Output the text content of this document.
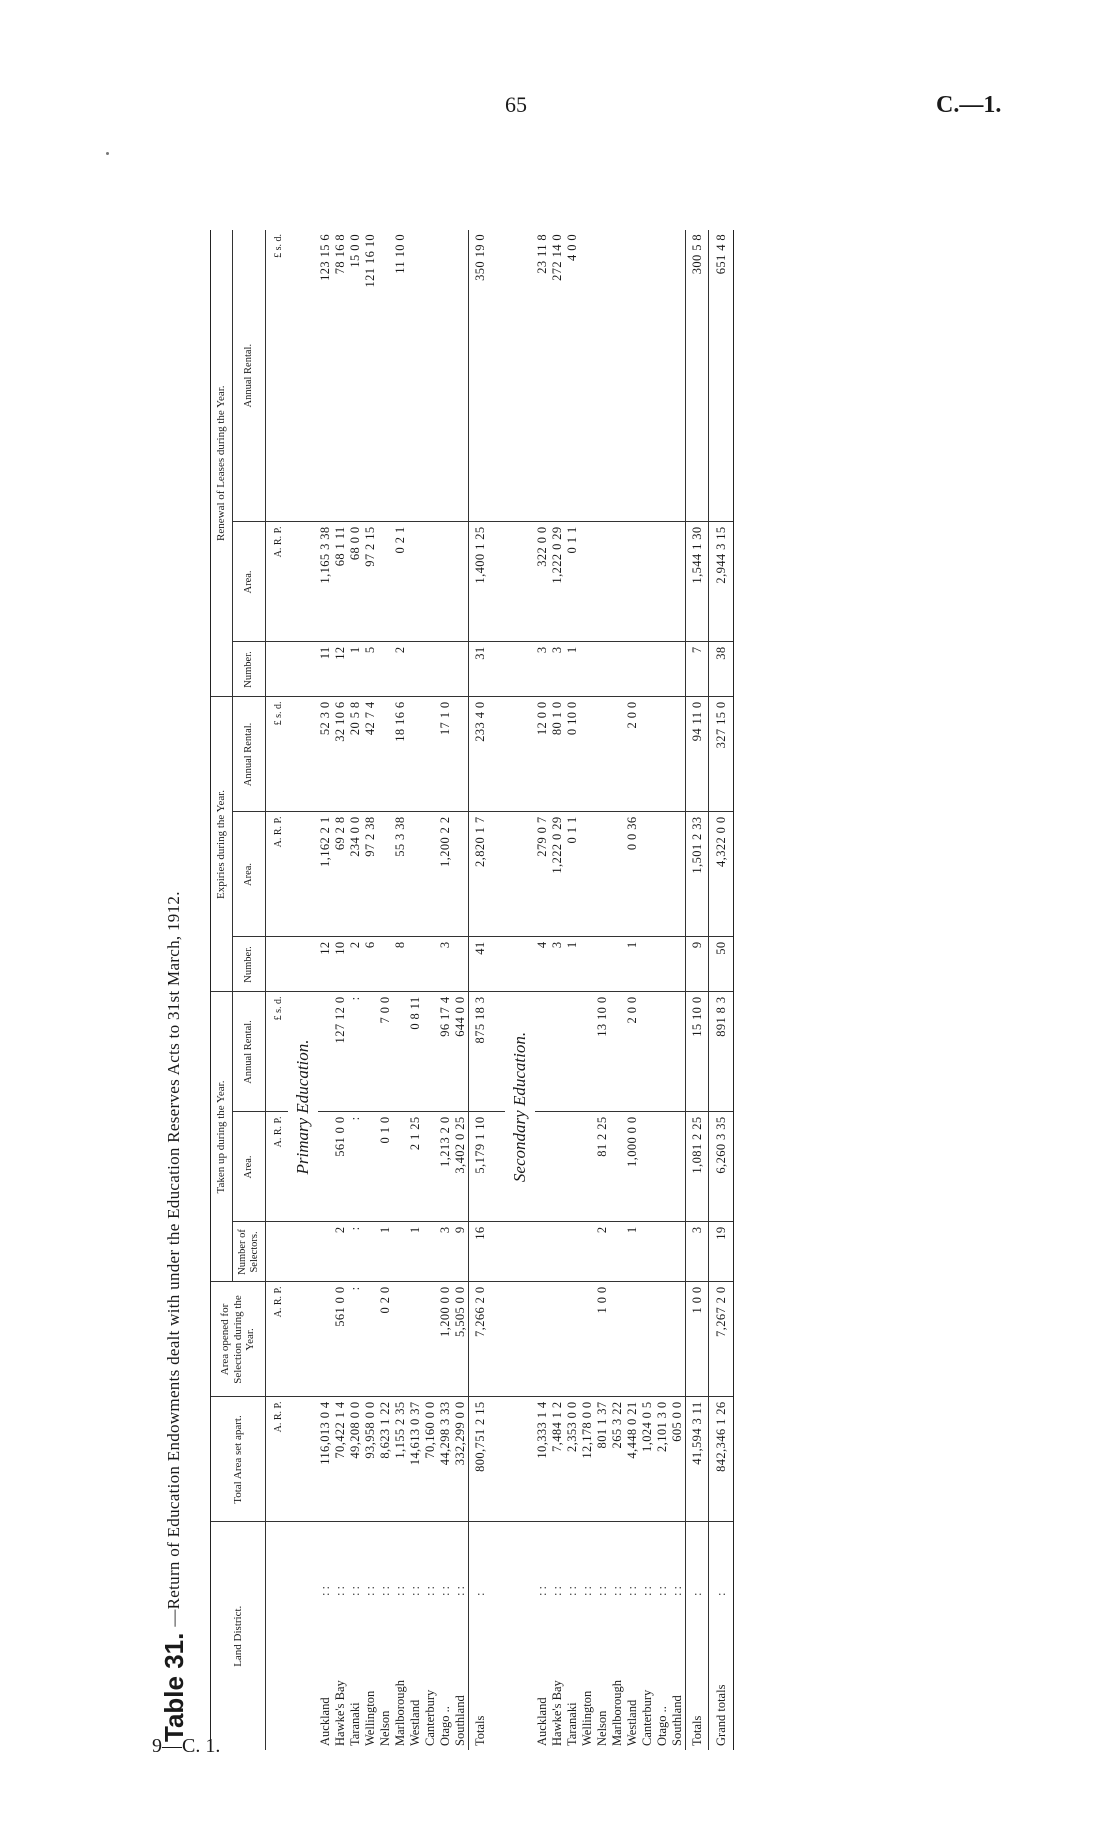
65	C.—1.
Table 31.
—Return of Education Endowments dealt with under the Education Reserves Acts to 31st March, 1912.
Land District.		Total Area set apart.	Area opened for Selection during the Year.	Taken up during the Year.			Expiries during the Year.			Renewal of Leases during the Year.		
				Number of Selectors.	Area.	Annual Rental.	Number.	Area.	Annual Rental.	Number.	Area.	Annual Rental.
		A. R. P.	A. R. P.		A. R. P.	£ s. d.		A. R. P.	£ s. d.		A. R. P.	£ s. d.
					Primary Education.							
Auckland	::	116,013 0 4					12	1,162 2 1	52 3 0	11	1,165 3 38	123 15 6
Hawke's Bay	::	70,422 1 4	561 0 0	2	561 0 0	127 12 0	10	69 2 8	32 10 6	12	68 1 11	78 16 8
Taranaki	::	49,208 0 0	:	:	:	:	2	234 0 0	20 5 8	1	68 0 0	15 0 0
Wellington	::	93,958 0 0					6	97 2 38	42 7 4	5	97 2 15	121 16 10
Nelson	::	8,623 1 22	0 2 0	1	0 1 0	7 0 0						
Marlborough	::	1,155 2 35					8	55 3 38	18 16 6	2	0 2 1	11 10 0
Westland	::	14,613 0 37		1	2 1 25	0 8 11						
Canterbury	::	70,160 0 0										
Otago ..	::	44,298 3 33	1,200 0 0	3	1,213 2 0	96 17 4	3	1,200 2 2	17 1 0			
Southland	::	332,299 0 0	5,505 0 0	9	3,402 0 25	644 0 0						
Totals	:	800,751 2 15	7,266 2 0	16	5,179 1 10	875 18 3	41	2,820 1 7	233 4 0	31	1,400 1 25	350 19 0

					Secondary Education.							
Auckland	::	10,333 1 4					4	279 0 7	12 0 0	3	322 0 0	23 11 8
Hawke's Bay	::	7,484 1 2					3	1,222 0 29	80 1 0	3	1,222 0 29	272 14 0
Taranaki	::	2,353 0 0					1	0 1 1	0 10 0	1	0 1 1	4 0 0
Wellington	::	12,178 0 0										
Nelson	::	801 1 37	1 0 0	2	81 2 25	13 10 0						
Marlborough	::	265 3 22										
Westland	::	4,448 0 21		1	1,000 0 0	2 0 0	1	0 0 36	2 0 0			
Canterbury	::	1,024 0 5										
Otago ..	::	2,101 3 0										
Southland	::	605 0 0										
Totals	:	41,594 3 11	1 0 0	3	1,081 2 25	15 10 0	9	1,501 2 33	94 11 0	7	1,544 1 30	300 5 8
Grand totals	:	842,346 1 26	7,267 2 0	19	6,260 3 35	891 8 3	50	4,322 0 0	327 15 0	38	2,944 3 15	651 4 8
9—C. 1.
